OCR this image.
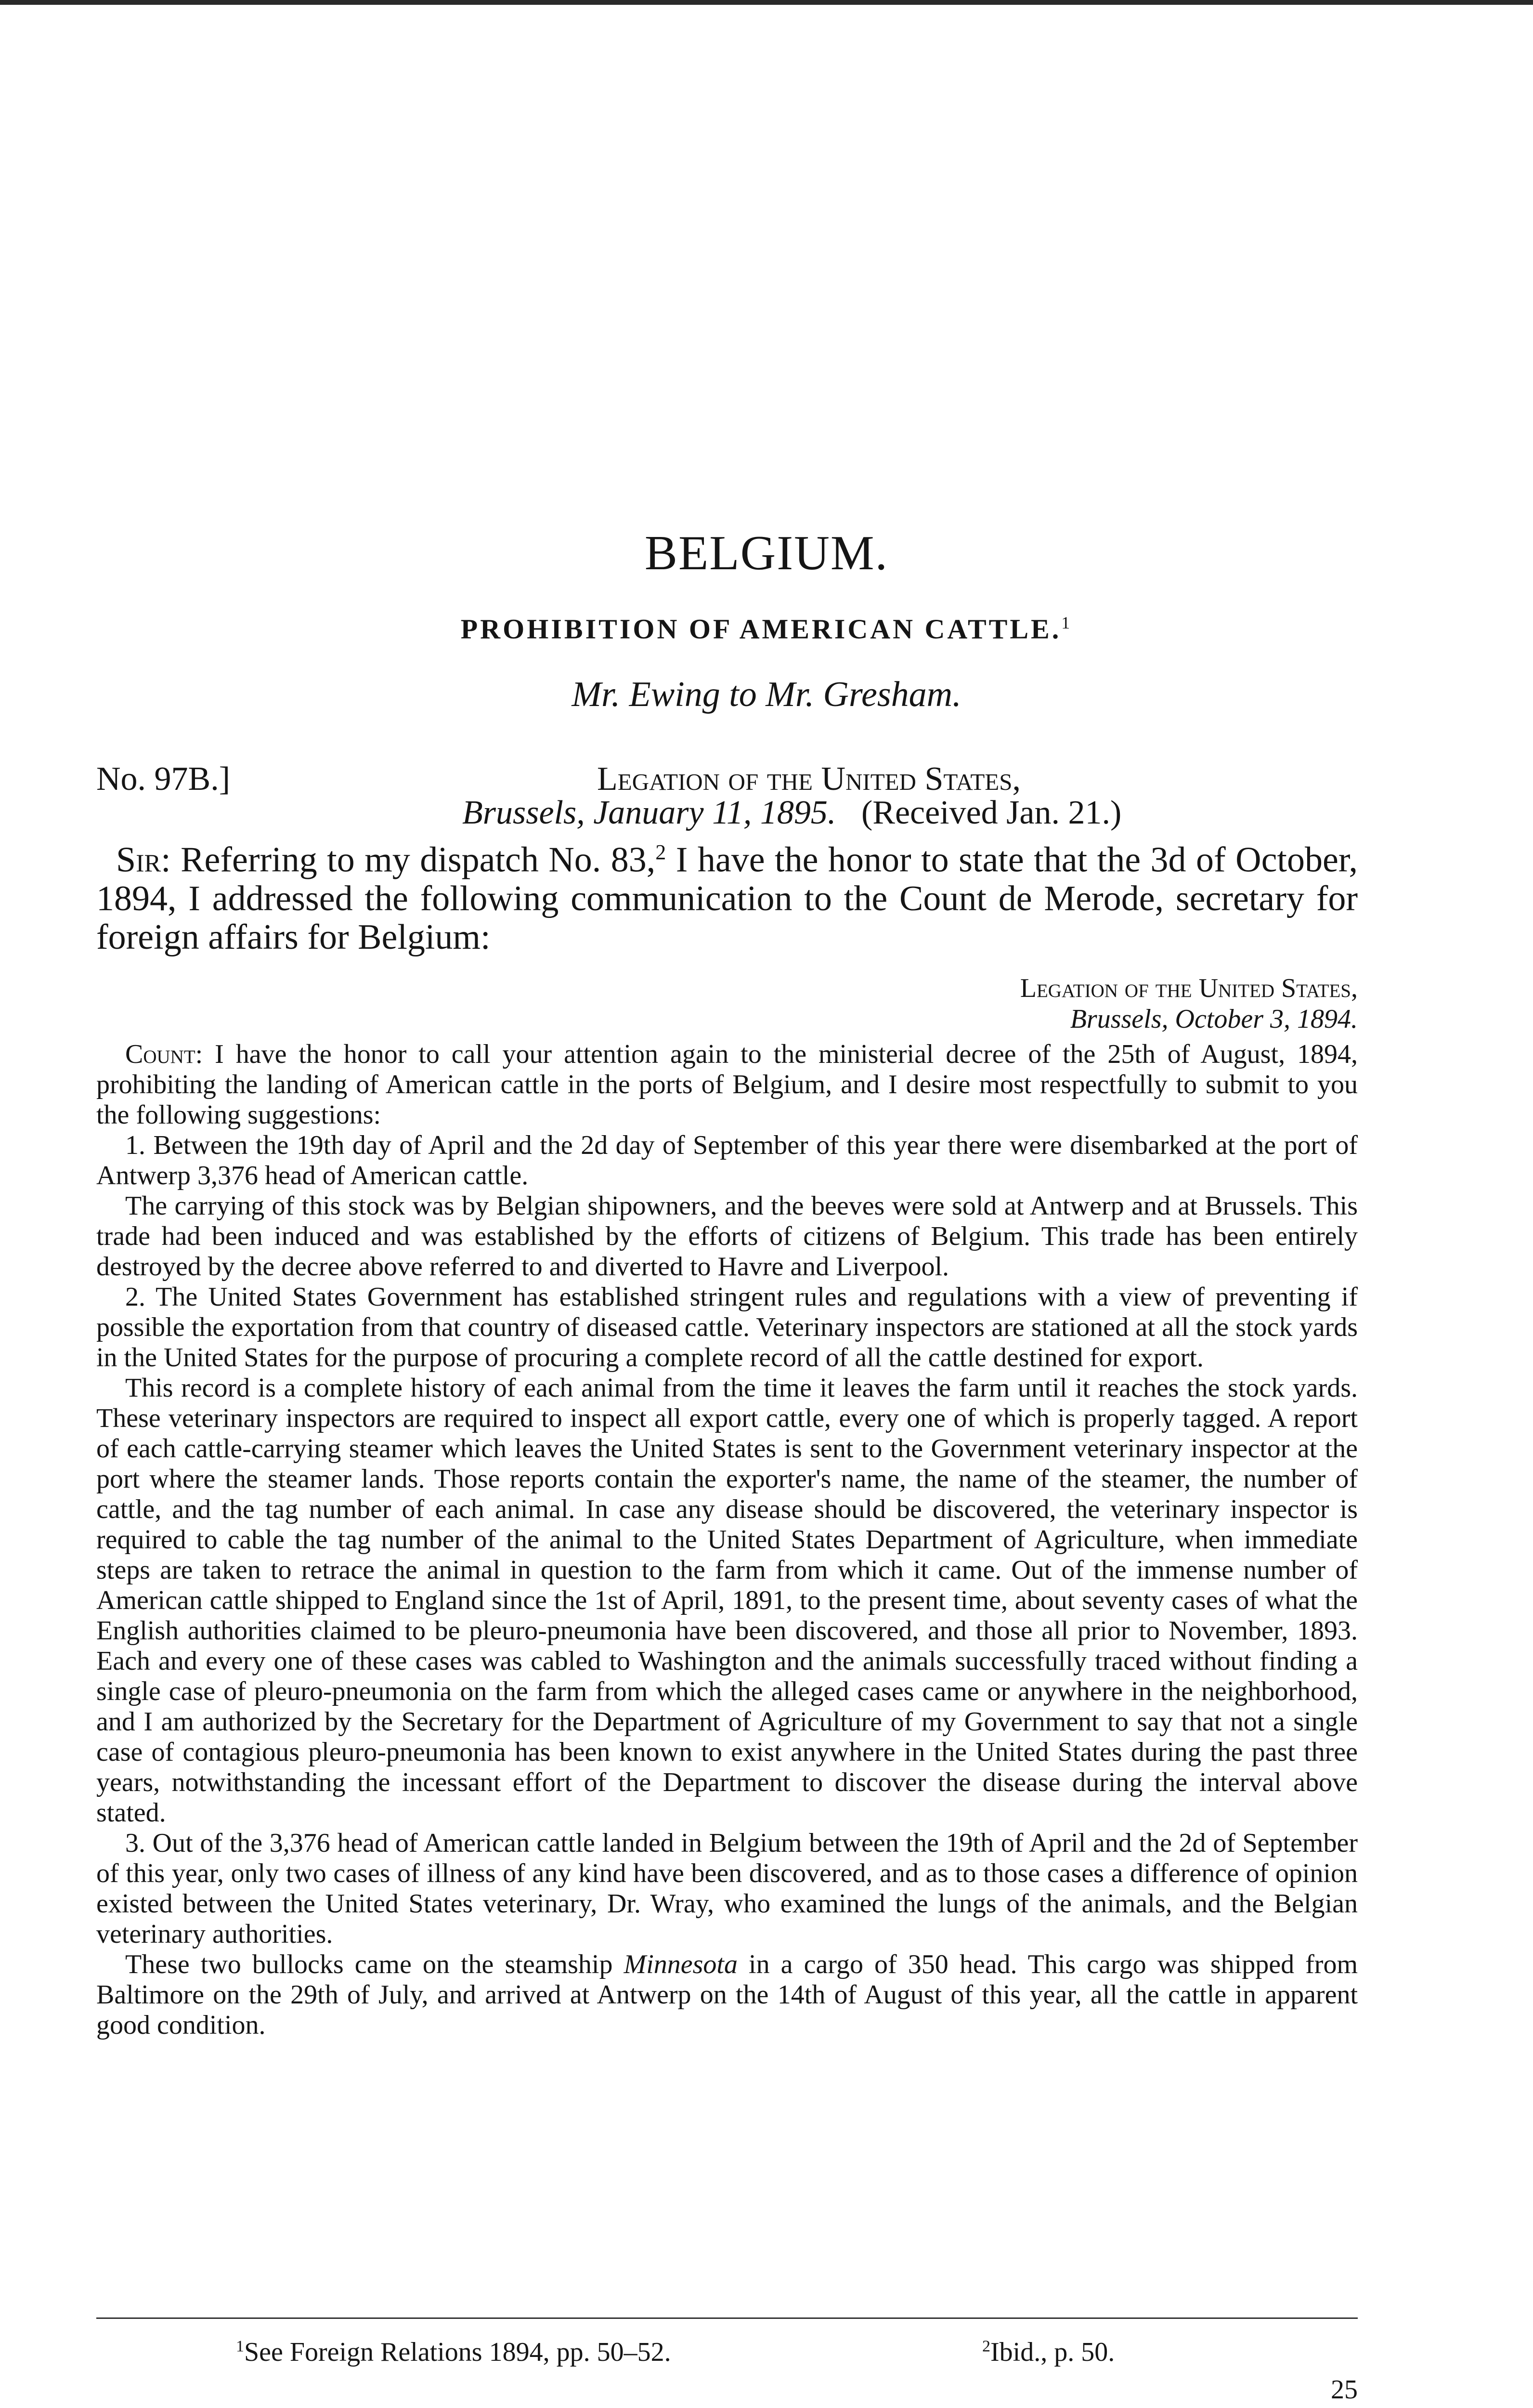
BELGIUM.
PROHIBITION OF AMERICAN CATTLE.$^1$
Mr. Ewing to Mr. Gresham.
No. 97B.]	Legation of the United States,
Brussels, January 11, 1895. (Received Jan. 21.)
Sir: Referring to my dispatch No. 83,$^2$ I have the honor to state that the 3d of October, 1894, I addressed the following communication to the Count de Merode, secretary for foreign affairs for Belgium:
Legation of the United States,
Brussels, October 3, 1894.

Count: I have the honor to call your attention again to the ministerial decree of the 25th of August, 1894, prohibiting the landing of American cattle in the ports of Belgium, and I desire most respectfully to submit to you the following suggestions:

1. Between the 19th day of April and the 2d day of September of this year there were disembarked at the port of Antwerp 3,376 head of American cattle.

The carrying of this stock was by Belgian shipowners, and the beeves were sold at Antwerp and at Brussels. This trade had been induced and was established by the efforts of citizens of Belgium. This trade has been entirely destroyed by the decree above referred to and diverted to Havre and Liverpool.

2. The United States Government has established stringent rules and regulations with a view of preventing if possible the exportation from that country of diseased cattle. Veterinary inspectors are stationed at all the stock yards in the United States for the purpose of procuring a complete record of all the cattle destined for export.

This record is a complete history of each animal from the time it leaves the farm until it reaches the stock yards. These veterinary inspectors are required to inspect all export cattle, every one of which is properly tagged. A report of each cattle-carrying steamer which leaves the United States is sent to the Government veterinary inspector at the port where the steamer lands. Those reports contain the exporter's name, the name of the steamer, the number of cattle, and the tag number of each animal. In case any disease should be discovered, the veterinary inspector is required to cable the tag number of the animal to the United States Department of Agriculture, when immediate steps are taken to retrace the animal in question to the farm from which it came. Out of the immense number of American cattle shipped to England since the 1st of April, 1891, to the present time, about seventy cases of what the English authorities claimed to be pleuro-pneumonia have been discovered, and those all prior to November, 1893. Each and every one of these cases was cabled to Washington and the animals successfully traced without finding a single case of pleuro-pneumonia on the farm from which the alleged cases came or anywhere in the neighborhood, and I am authorized by the Secretary for the Department of Agriculture of my Government to say that not a single case of contagious pleuro-pneumonia has been known to exist anywhere in the United States during the past three years, notwithstanding the incessant effort of the Department to discover the disease during the interval above stated.

3. Out of the 3,376 head of American cattle landed in Belgium between the 19th of April and the 2d of September of this year, only two cases of illness of any kind have been discovered, and as to those cases a difference of opinion existed between the United States veterinary, Dr. Wray, who examined the lungs of the animals, and the Belgian veterinary authorities.

These two bullocks came on the steamship Minnesota in a cargo of 350 head. This cargo was shipped from Baltimore on the 29th of July, and arrived at Antwerp on the 14th of August of this year, all the cattle in apparent good condition.

$^1$See Foreign Relations 1894, pp. 50–52.	$^2$Ibid., p. 50.
25
